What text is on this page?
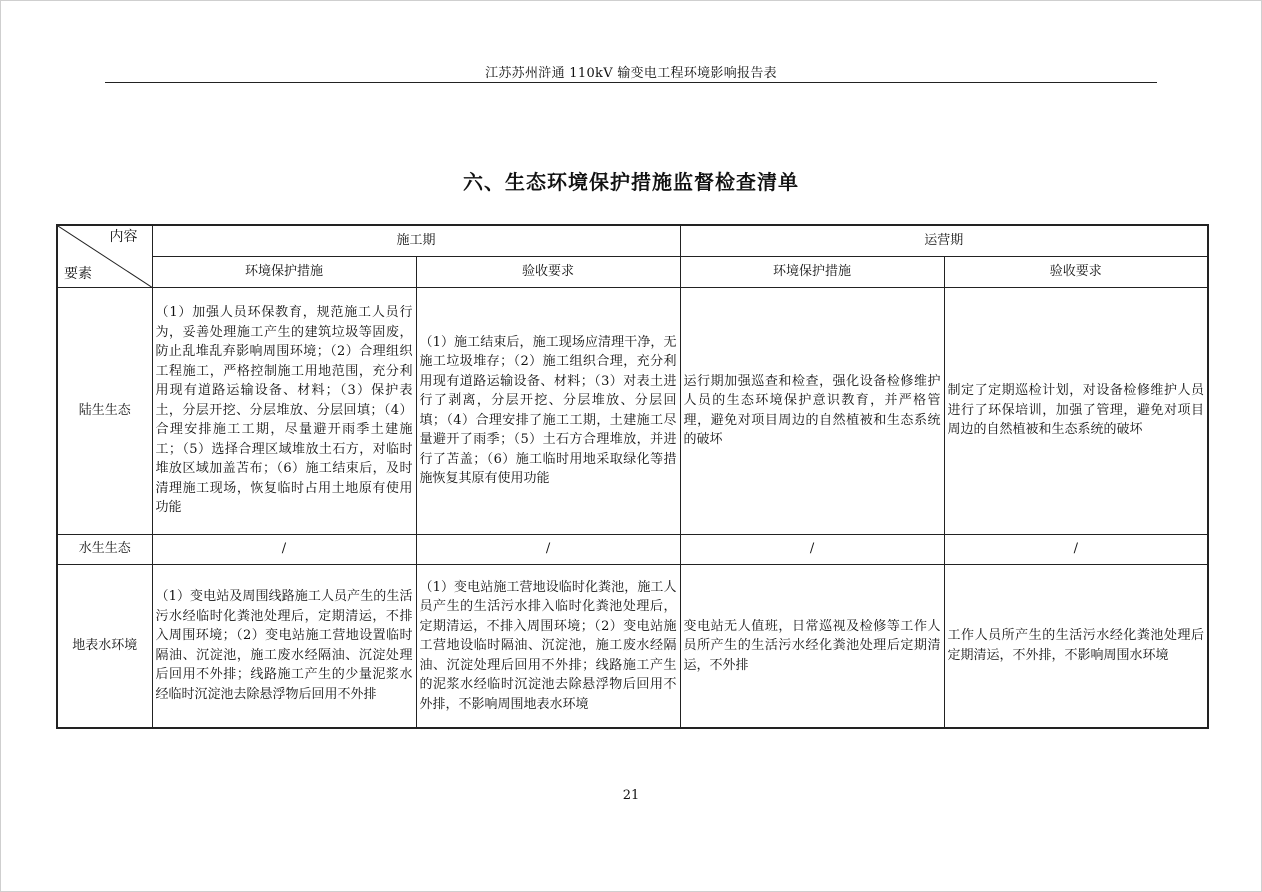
江苏苏州浒通 110kV 输变电工程环境影响报告表
六、生态环境保护措施监督检查清单
内容
要素	施工期		运营期	
	环境保护措施	验收要求	环境保护措施	验收要求
陆生生态	（1）加强人员环保教育，规范施工人员行为，妥善处理施工产生的建筑垃圾等固废，防止乱堆乱弃影响周围环境；（2）合理组织工程施工，严格控制施工用地范围，充分利用现有道路运输设备、材料；（3）保护表土，分层开挖、分层堆放、分层回填；（4）合理安排施工工期，尽量避开雨季土建施工；（5）选择合理区域堆放土石方，对临时堆放区域加盖苫布；（6）施工结束后，及时清理施工现场，恢复临时占用土地原有使用功能	（1）施工结束后，施工现场应清理干净，无施工垃圾堆存；（2）施工组织合理，充分利用现有道路运输设备、材料；（3）对表土进行了剥离，分层开挖、分层堆放、分层回填；（4）合理安排了施工工期，土建施工尽量避开了雨季；（5）土石方合理堆放，并进行了苫盖；（6）施工临时用地采取绿化等措施恢复其原有使用功能	运行期加强巡查和检查，强化设备检修维护人员的生态环境保护意识教育，并严格管理，避免对项目周边的自然植被和生态系统的破坏	制定了定期巡检计划，对设备检修维护人员进行了环保培训，加强了管理，避免对项目周边的自然植被和生态系统的破坏
水生生态	/	/	/	/
地表水环境	（1）变电站及周围线路施工人员产生的生活污水经临时化粪池处理后，定期清运，不排入周围环境；（2）变电站施工营地设置临时隔油、沉淀池，施工废水经隔油、沉淀处理后回用不外排；线路施工产生的少量泥浆水经临时沉淀池去除悬浮物后回用不外排	（1）变电站施工营地设临时化粪池，施工人员产生的生活污水排入临时化粪池处理后，定期清运，不排入周围环境；（2）变电站施工营地设临时隔油、沉淀池，施工废水经隔油、沉淀处理后回用不外排；线路施工产生的泥浆水经临时沉淀池去除悬浮物后回用不外排，不影响周围地表水环境	变电站无人值班，日常巡视及检修等工作人员所产生的生活污水经化粪池处理后定期清运，不外排	工作人员所产生的生活污水经化粪池处理后定期清运，不外排，不影响周围水环境
21
